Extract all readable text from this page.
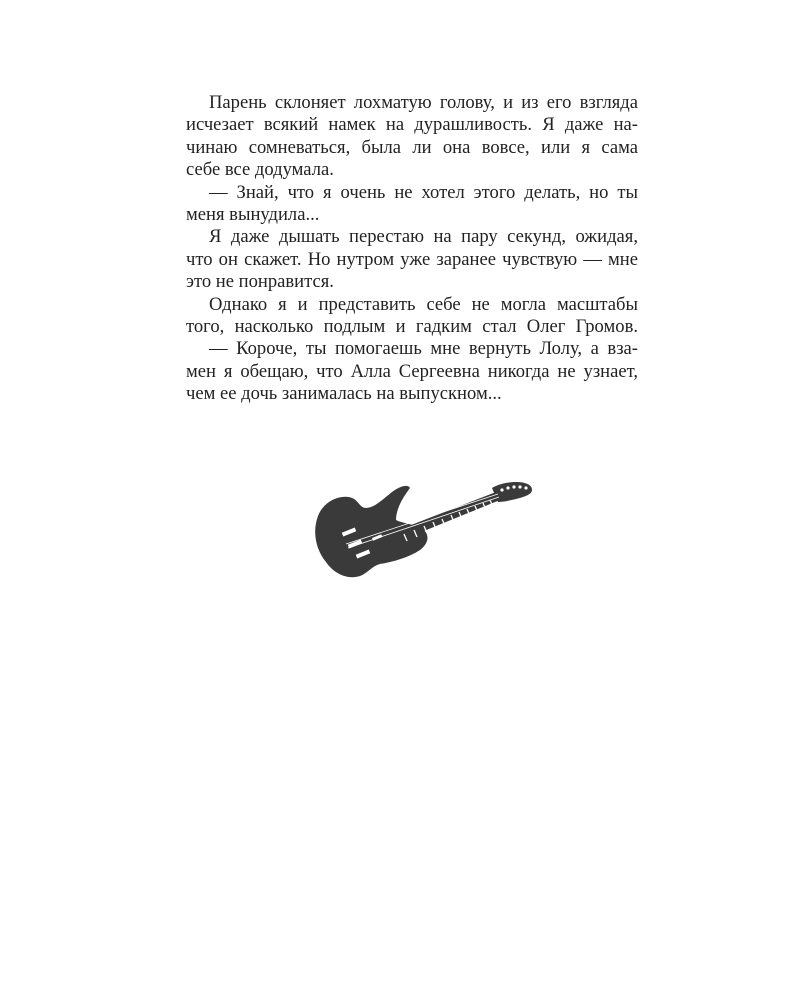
Парень склоняет лохматую голову, и из его взгляда
исчезает всякий намек на дурашливость. Я даже на-
чинаю сомневаться, была ли она вовсе, или я сама
себе все додумала.
— Знай, что я очень не хотел этого делать, но ты
меня вынудила...
Я даже дышать перестаю на пару секунд, ожидая,
что он скажет. Но нутром уже заранее чувствую — мне
это не понравится.
Однако я и представить себе не могла масштабы
того, насколько подлым и гадким стал Олег Громов.
— Короче, ты помогаешь мне вернуть Лолу, а вза-
мен я обещаю, что Алла Сергеевна никогда не узнает,
чем ее дочь занималась на выпускном...
